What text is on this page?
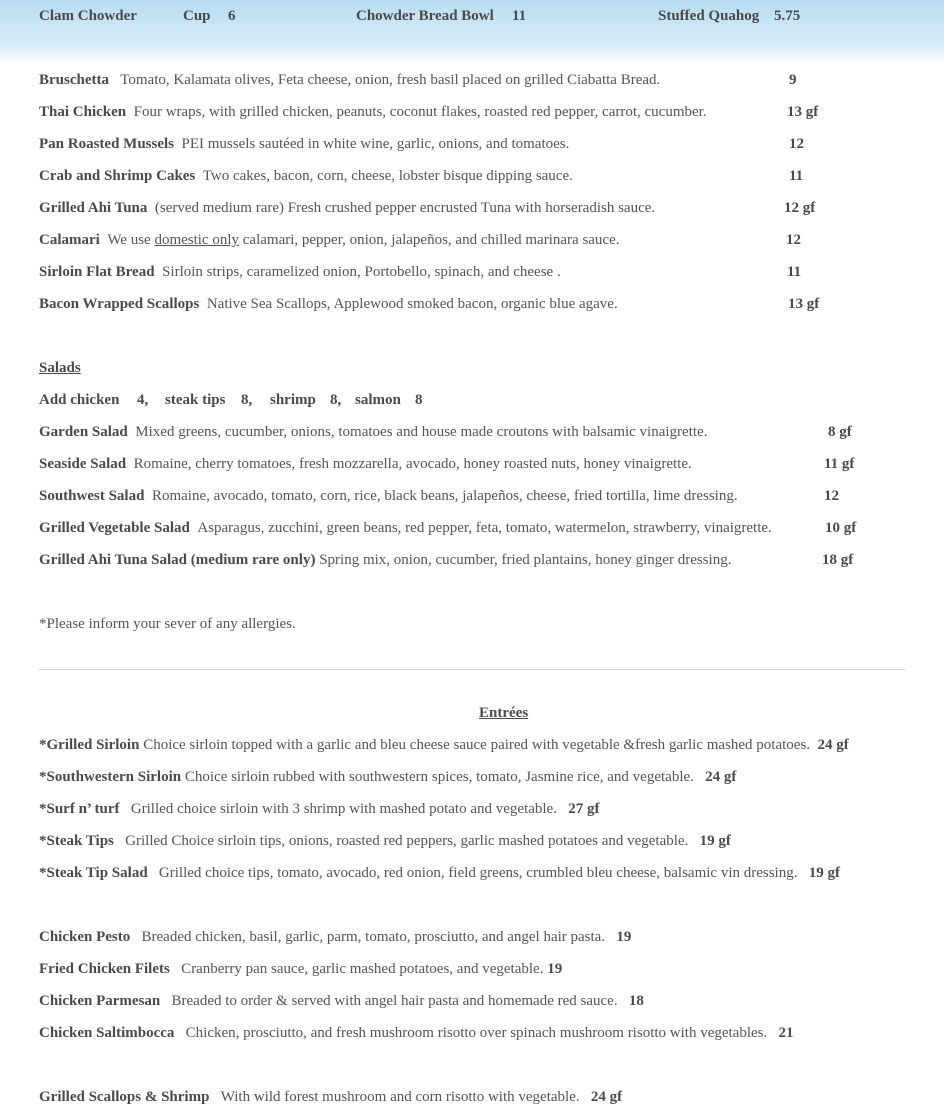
Clam Chowder	Cup 6	Chowder Bread Bowl 11	Stuffed Quahog 5.75
Bruschetta Tomato, Kalamata olives, Feta cheese, onion, fresh basil placed on grilled Ciabatta Bread.	9
Thai Chicken Four wraps, with grilled chicken, peanuts, coconut flakes, roasted red pepper, carrot, cucumber.	13 gf
Pan Roasted Mussels PEI mussels sautéed in white wine, garlic, onions, and tomatoes.	12
Crab and Shrimp Cakes Two cakes, bacon, corn, cheese, lobster bisque dipping sauce.	11
Grilled Ahi Tuna (served medium rare) Fresh crushed pepper encrusted Tuna with horseradish sauce.	12 gf
Calamari We use domestic only calamari, pepper, onion, jalapeños, and chilled marinara sauce.	12
Sirloin Flat Bread Sirloin strips, caramelized onion, Portobello, spinach, and cheese .	11
Bacon Wrapped Scallops Native Sea Scallops, Applewood smoked bacon, organic blue agave.	13 gf
Salads
Add chicken 4, steak tips 8, shrimp 8, salmon 8
Garden Salad Mixed greens, cucumber, onions, tomatoes and house made croutons with balsamic vinaigrette.	8 gf
Seaside Salad Romaine, cherry tomatoes, fresh mozzarella, avocado, honey roasted nuts, honey vinaigrette.	11 gf
Southwest Salad Romaine, avocado, tomato, corn, rice, black beans, jalapeños, cheese, fried tortilla, lime dressing.	12
Grilled Vegetable Salad Asparagus, zucchini, green beans, red pepper, feta, tomato, watermelon, strawberry, vinaigrette.	10 gf
Grilled Ahi Tuna Salad (medium rare only) Spring mix, onion, cucumber, fried plantains, honey ginger dressing.	18 gf
*Please inform your sever of any allergies.
Entrées
*Grilled Sirloin Choice sirloin topped with a garlic and bleu cheese sauce paired with vegetable &fresh garlic mashed potatoes. 24 gf
*Southwestern Sirloin Choice sirloin rubbed with southwestern spices, tomato, Jasmine rice, and vegetable. 24 gf
*Surf n’ turf Grilled choice sirloin with 3 shrimp with mashed potato and vegetable. 27 gf
*Steak Tips Grilled Choice sirloin tips, onions, roasted red peppers, garlic mashed potatoes and vegetable. 19 gf
*Steak Tip Salad Grilled choice tips, tomato, avocado, red onion, field greens, crumbled bleu cheese, balsamic vin dressing. 19 gf
Chicken Pesto Breaded chicken, basil, garlic, parm, tomato, prosciutto, and angel hair pasta. 19
Fried Chicken Filets Cranberry pan sauce, garlic mashed potatoes, and vegetable. 19
Chicken Parmesan Breaded to order & served with angel hair pasta and homemade red sauce. 18
Chicken Saltimbocca Chicken, prosciutto, and fresh mushroom risotto over spinach mushroom risotto with vegetables. 21
Grilled Scallops & Shrimp With wild forest mushroom and corn risotto with vegetable. 24 gf
